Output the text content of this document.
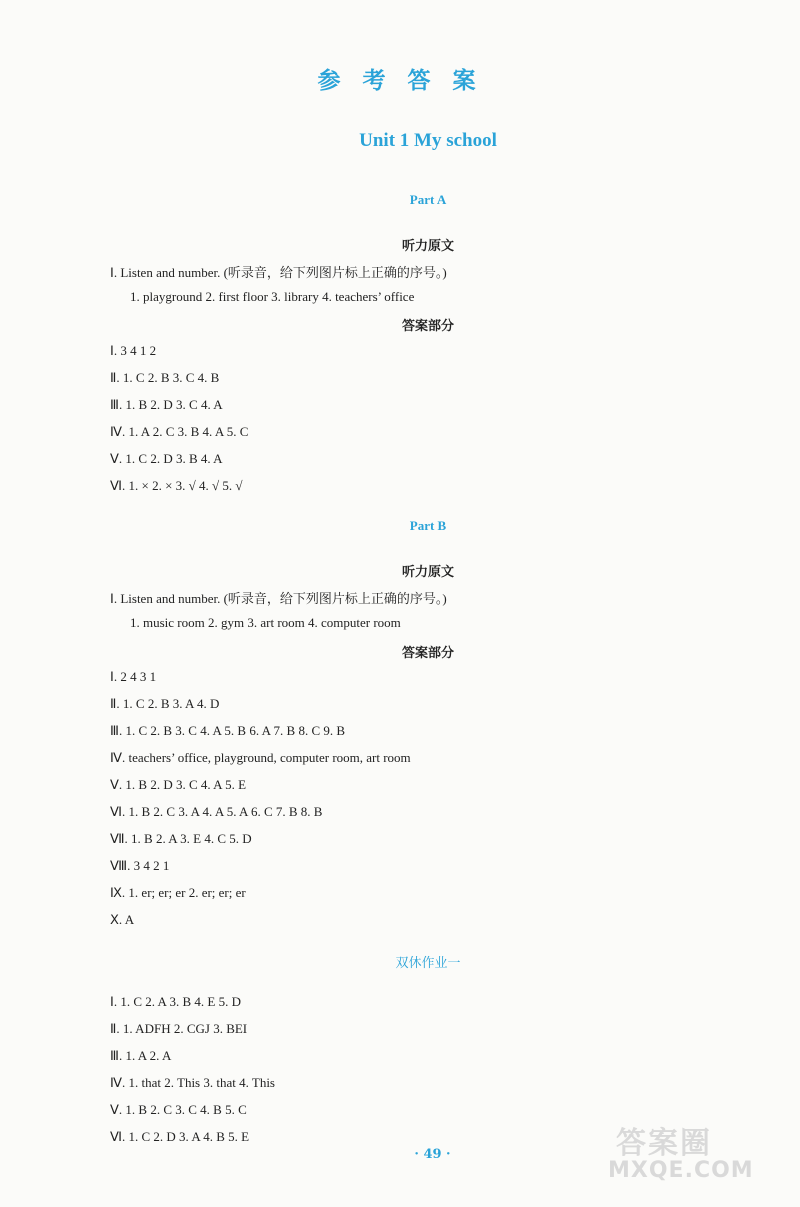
参 考 答 案
Unit 1 My school
Part A
听力原文
Ⅰ. Listen and number. (听录音，给下列图片标上正确的序号。)
1. playground 2. first floor 3. library 4. teachers’ office
答案部分
Ⅰ. 3 4 1 2
Ⅱ. 1. C 2. B 3. C 4. B
Ⅲ. 1. B 2. D 3. C 4. A
Ⅳ. 1. A 2. C 3. B 4. A 5. C
Ⅴ. 1. C 2. D 3. B 4. A
Ⅵ. 1. × 2. × 3. √ 4. √ 5. √
Part B
听力原文
Ⅰ. Listen and number. (听录音，给下列图片标上正确的序号。)
1. music room 2. gym 3. art room 4. computer room
答案部分
Ⅰ. 2 4 3 1
Ⅱ. 1. C 2. B 3. A 4. D
Ⅲ. 1. C 2. B 3. C 4. A 5. B 6. A 7. B 8. C 9. B
Ⅳ. teachers’ office, playground, computer room, art room
Ⅴ. 1. B 2. D 3. C 4. A 5. E
Ⅵ. 1. B 2. C 3. A 4. A 5. A 6. C 7. B 8. B
Ⅶ. 1. B 2. A 3. E 4. C 5. D
Ⅷ. 3 4 2 1
Ⅸ. 1. er; er; er 2. er; er; er
Ⅹ. A
双休作业一
Ⅰ. 1. C 2. A 3. B 4. E 5. D
Ⅱ. 1. ADFH 2. CGJ 3. BEI
Ⅲ. 1. A 2. A
Ⅳ. 1. that 2. This 3. that 4. This
Ⅴ. 1. B 2. C 3. C 4. B 5. C
Ⅵ. 1. C 2. D 3. A 4. B 5. E
· 49 ·	答案圈
MXQE.COM
